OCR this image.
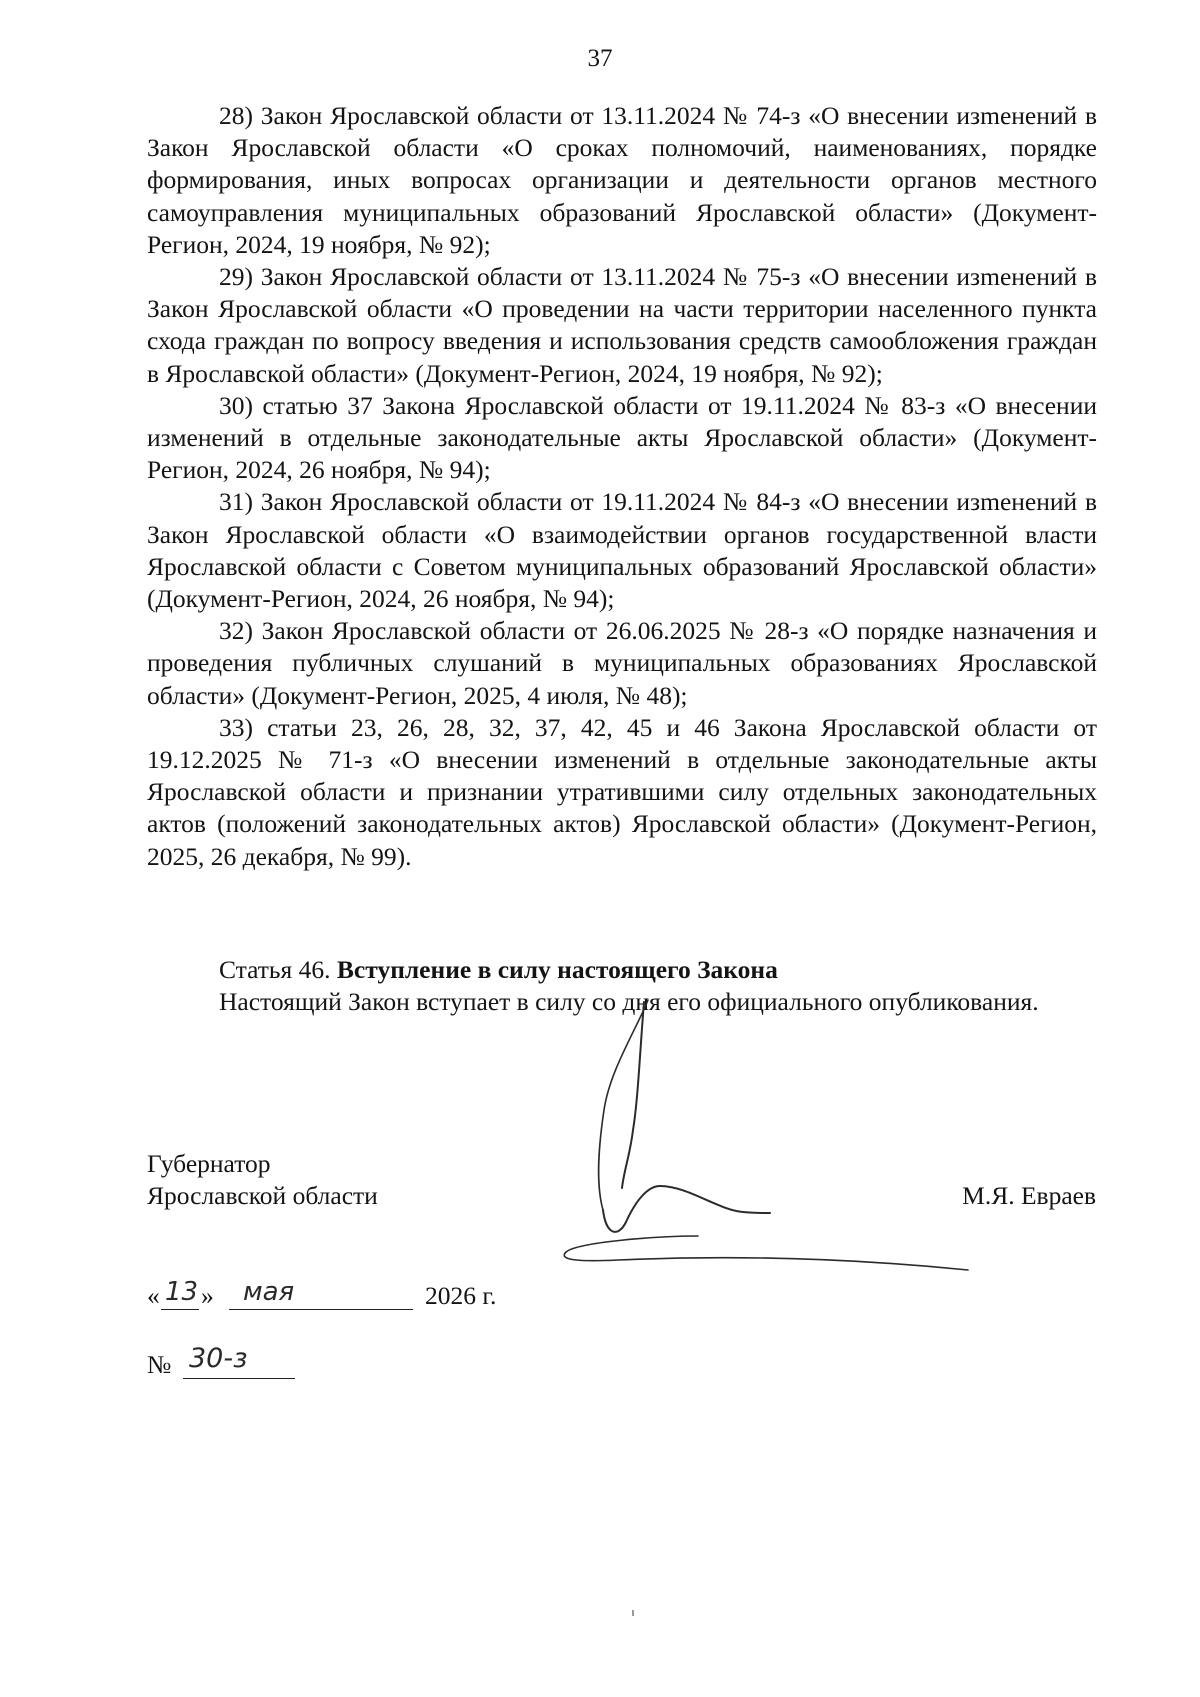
37

28) Закон Ярославской области от 13.11.2024 № 74-з «О внесении изmенений в Закон Ярославской области «О сроках полномочий, наименованиях, порядке формирования, иных вопросах организации и деятельности органов местного самоуправления муниципальных образований Ярославской области» (Документ-Регион, 2024, 19 ноября, № 92);

29) Закон Ярославской области от 13.11.2024 № 75-з «О внесении изmенений в Закон Ярославской области «О проведении на части территории населенного пункта схода граждан по вопросу введения и использования средств самообложения граждан в Ярославской области» (Документ-Регион, 2024, 19 ноября, № 92);

30) статью 37 Закона Ярославской области от 19.11.2024 № 83-з «О внесении изменений в отдельные законодательные акты Ярославской области» (Документ-Регион, 2024, 26 ноября, № 94);

31) Закон Ярославской области от 19.11.2024 № 84-з «О внесении изmенений в Закон Ярославской области «О взаимодействии органов государственной власти Ярославской области с Советом муниципальных образований Ярославской области» (Документ-Регион, 2024, 26 ноября, № 94);

32) Закон Ярославской области от 26.06.2025 № 28-з «О порядке назначения и проведения публичных слушаний в муниципальных образованиях Ярославской области» (Документ-Регион, 2025, 4 июля, № 48);

33) статьи 23, 26, 28, 32, 37, 42, 45 и 46 Закона Ярославской области от 19.12.2025 № 71-з «О внесении изменений в отдельные законодательные акты Ярославской области и признании утратившими силу отдельных законодательных актов (положений законодательных актов) Ярославской области» (Документ-Регион, 2025, 26 декабря, № 99).

Статья 46. Вступление в силу настоящего Закона

Настоящий Закон вступает в силу со дня его официального опубликования.

Губернатор
Ярославской области	М.Я. Евраев
« 13 » мая	2026 г.
№ 30-з
